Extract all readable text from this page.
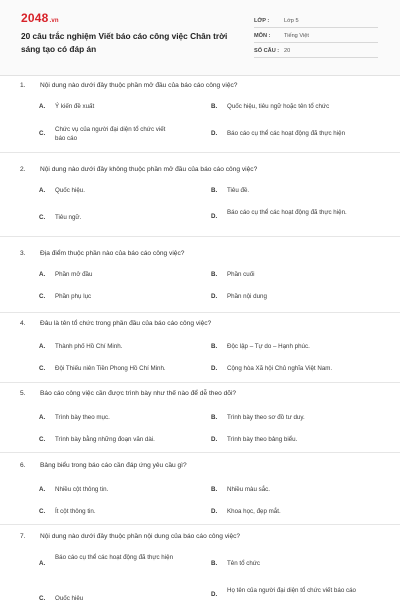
2048.vn
20 câu trắc nghiệm Viết báo cáo công việc Chân trời sáng tạo có đáp án
LỚP :	Lớp 5
MÔN : Tiếng Việt
SỐ CÂU : 20
1. Nội dung nào dưới đây thuộc phần mở đầu của báo cáo công việc?
A. Ý kiến đề xuất	B. Quốc hiệu, tiêu ngữ hoặc tên tổ chức
C.
Chức vụ của người đại diện tổ chức viết báo cáo
D. Báo cáo cụ thể các hoạt động đã thực hiện
2. Nội dung nào dưới đây không thuộc phần mở đầu của báo cáo công việc?
A. Quốc hiệu.	B. Tiêu đề.
C. Tiêu ngữ.	D.
Báo cáo cụ thể các hoạt động đã thực hiện.
3. Địa điểm thuộc phần nào của báo cáo công việc?
A. Phần mở đầu	B. Phần cuối
C. Phần phụ lục	D. Phần nội dung
4. Đâu là tên tổ chức trong phần đầu của báo cáo công việc?
A. Thành phố Hồ Chí Minh.	B. Độc lập – Tự do – Hạnh phúc.
C. Đội Thiếu niên Tiền Phong Hồ Chí Minh.	D. Cộng hòa Xã hội Chủ nghĩa Việt Nam.
5. Báo cáo công việc cần được trình bày như thế nào để dễ theo dõi?
A. Trình bày theo mục.	B. Trình bày theo sơ đồ tư duy.
C. Trình bày bằng những đoạn văn dài.	D. Trình bày theo bảng biểu.
6. Bảng biểu trong báo cáo cần đáp ứng yêu cầu gì?
A. Nhiều cột thông tin.	B. Nhiều màu sắc.
C. Ít cột thông tin.	D. Khoa học, đẹp mắt.
7. Nội dung nào dưới đây thuộc phần nội dung của báo cáo công việc?
A.
Báo cáo cụ thể các hoạt động đã thực hiện
B. Tên tổ chức
C. Quốc hiệu
D.
Họ tên của người đại diện tổ chức viết báo cáo
